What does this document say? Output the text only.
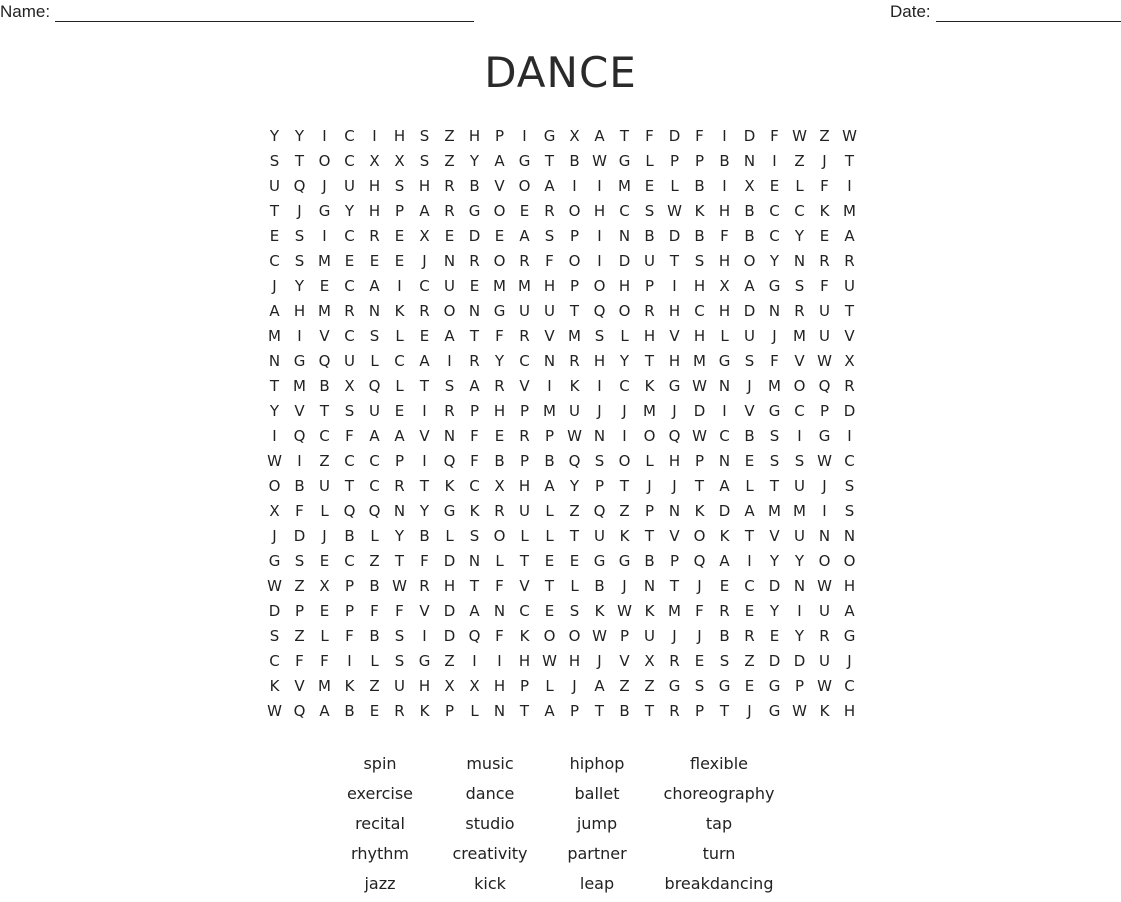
Name:	Date:
DANCE
Y	Y	I	C	I	H S	Z H P	I	G X A	T	F D F	I	D F W Z W
S	T O C X X	S	Z	Y	A G T	B W G	L	P	P	B N	I	Z	J	T
U Q	J	U H S H R B V O A	I	I	M E	L	B	I	X	E	L	F	I
T	J	G Y H P	A R G O E	R O H C	S W K H B C C K M
E	S	I	C R	E	X	E D E	A	S	P	I	N B D B	F	B C	Y	E	A
C	S M E	E	E	J	N R O R	F O	I	D U T	S H O Y N R R
J	Y	E	C A	I	C U E M M H P O H P	I	H X A G S	F	U
A H M R N K R O N G U U T Q O R H C H D N R U T
M	I	V C	S	L	E	A	T	F	R V M S	L	H V H	L	U	J	M U V
N G Q U	L	C A	I	R	Y	C N R H Y	T H M G S	F	V W X
T M B X Q L	T	S	A R V	I	K	I	C K G W N	J	M O Q R
Y	V	T	S U E	I	R	P H P M U	J	J	M	J	D	I	V G C	P D
I	Q C	F	A A V N	F	E	R	P W N	I	O Q W C B	S	I	G	I
W	I	Z C C	P	I	Q F	B	P	B Q S O L	H P N E	S	S W C
O B U T	C R	T	K C X H A	Y	P	T	J	J	T	A	L	T U	J	S
X	F	L Q Q N Y G K R U	L	Z Q Z	P N K D A M M	I	S
J	D	J	B	L	Y	B	L	S O L	L	T U K	T	V O K	T	V U N N
G S	E	C Z	T	F D N	L	T	E	E G G B	P Q A	I	Y	Y O O
W Z X	P	B W R H T	F	V	T	L	B	J	N T	J	E	C D N W H
D P	E	P	F	F	V D A N C	E	S	K W K M F	R	E	Y	I	U A
S	Z	L	F	B	S	I	D Q F	K O O W P U	J	J	B R	E	Y	R G
C	F	F	I	L	S G Z	I	I	H W H	J	V X R	E	S	Z D D U	J
K V M K Z U H X X H P	L	J	A Z Z G S G E G P W C
W Q A B	E	R K	P	L	N T	A	P	T	B	T	R	P	T	J	G W K H
spin	music	hiphop	flexible
exercise	dance	ballet	choreography
recital	studio	jump	tap
rhythm	creativity	partner	turn
jazz	kick	leap	breakdancing
